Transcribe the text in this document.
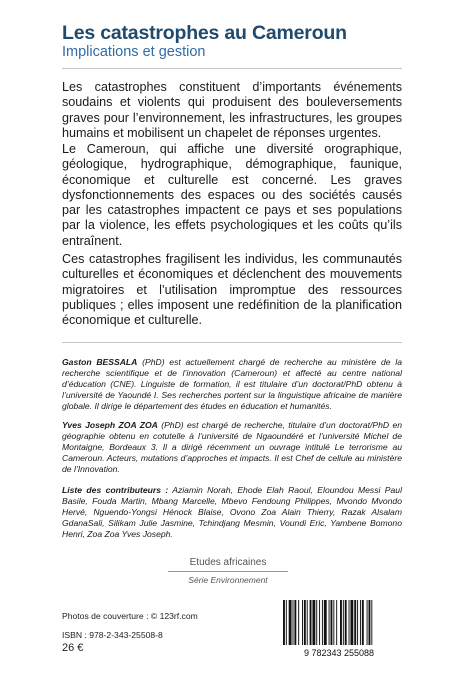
Les catastrophes au Cameroun
Implications et gestion

Les catastrophes constituent d’importants événements soudains et violents qui produisent des bouleversements graves pour l’environnement, les infrastructures, les groupes humains et mobilisent un chapelet de réponses urgentes.

Le Cameroun, qui affiche une diversité orographique, géologique, hydrographique, démographique, faunique, économique et culturelle est concerné. Les graves dysfonctionnements des espaces ou des sociétés causés par les catastrophes impactent ce pays et ses populations par la violence, les effets psychologiques et les coûts qu’ils entraînent.

Ces catastrophes fragilisent les individus, les communautés culturelles et économiques et déclenchent des mouvements migratoires et l’utilisation impromptue des ressources publiques ; elles imposent une redéfinition de la planification économique et culturelle.

Gaston BESSALA (PhD) est actuellement chargé de recherche au ministère de la recherche scientifique et de l’innovation (Cameroun) et affecté au centre national d’éducation (CNE). Linguiste de formation, il est titulaire d’un doctorat/PhD obtenu à l’université de Yaoundé I. Ses recherches portent sur la linguistique africaine de manière globale. Il dirige le département des études en éducation et humanités.

Yves Joseph ZOA ZOA (PhD) est chargé de recherche, titulaire d’un doctorat/PhD en géographie obtenu en cotutelle à l’université de Ngaoundéré et l’université Michel de Montaigne, Bordeaux 3. Il a dirigé récemment un ouvrage intitulé Le terrorisme au Cameroun. Acteurs, mutations d’approches et impacts. Il est Chef de cellule au ministère de l’Innovation.

Liste des contributeurs : Aziamin Norah, Ehode Elah Raoul, Eloundou Messi Paul Basile, Fouda Martin, Mbang Marcelle, Mbevo Fendoung Philippes, Mvondo Mvondo Hervé, Nguendo-Yongsi Hénock Blaise, Ovono Zoa Alain Thierry, Razak Alsalam GdanaSali, Silikam Julie Jasmine, Tchindjang Mesmin, Voundi Eric, Yambene Bomono Henri, Zoa Zoa Yves Joseph.

Etudes africaines
Série Environnement
Photos de couverture : © 123rf.com
ISBN : 978-2-343-25508-8
26 €	9 782343 255088
